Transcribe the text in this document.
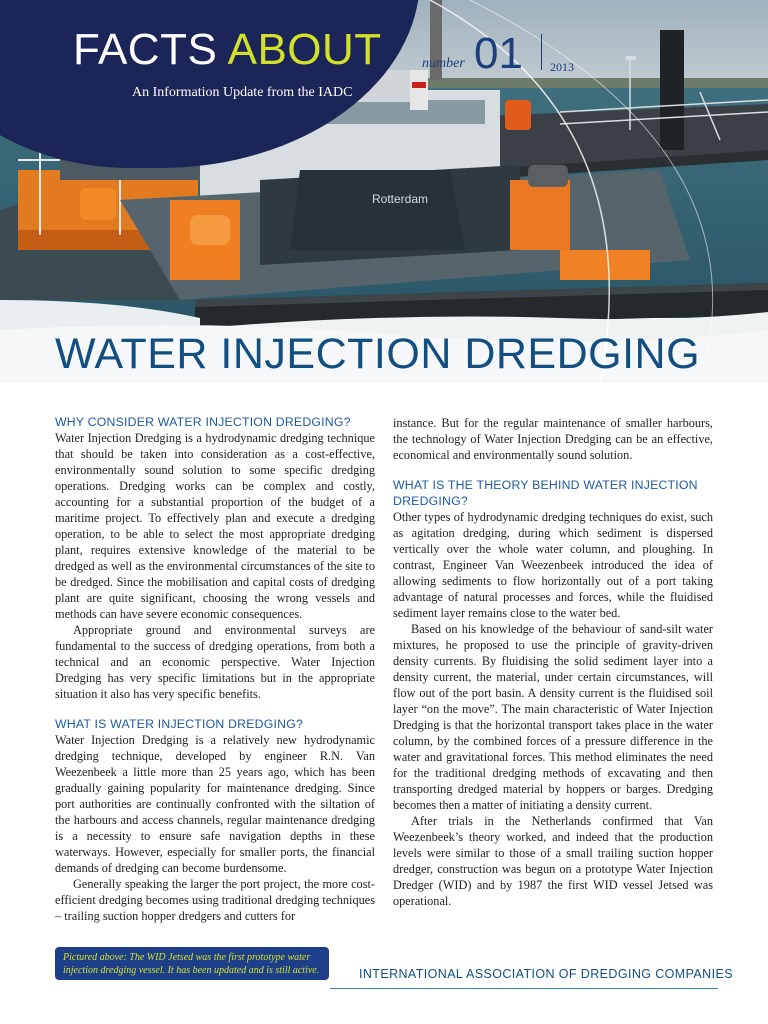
Rotterdam
FACTS ABOUT
An Information Update from the IADC
number 01 2013
WATER INJECTION DREDGING
WHY CONSIDER WATER INJECTION DREDGING?

Water Injection Dredging is a hydrodynamic dredging technique that should be taken into consideration as a cost-effective, environmentally sound solution to some specific dredging operations. Dredging works can be complex and costly, accounting for a substantial proportion of the budget of a maritime project. To effectively plan and execute a dredging operation, to be able to select the most appropriate dredging plant, requires extensive knowledge of the material to be dredged as well as the environmental circumstances of the site to be dredged. Since the mobilisation and capital costs of dredging plant are quite significant, choosing the wrong vessels and methods can have severe economic consequences.

Appropriate ground and environmental surveys are fundamental to the success of dredging operations, from both a technical and an economic perspective. Water Injection Dredging has very specific limitations but in the appropriate situation it also has very specific benefits.

WHAT IS WATER INJECTION DREDGING?

Water Injection Dredging is a relatively new hydrodynamic dredging technique, developed by engineer R.N. Van Weezenbeek a little more than 25 years ago, which has been gradually gaining popularity for maintenance dredging. Since port authorities are continually confronted with the siltation of the harbours and access channels, regular maintenance dredging is a necessity to ensure safe navigation depths in these waterways. However, especially for smaller ports, the financial demands of dredging can become burdensome.

Generally speaking the larger the port project, the more cost-efficient dredging becomes using traditional dredging techniques – trailing suction hopper dredgers and cutters for

instance. But for the regular maintenance of smaller harbours, the technology of Water Injection Dredging can be an effective, economical and environmentally sound solution.

WHAT IS THE THEORY BEHIND WATER INJECTION DREDGING?

Other types of hydrodynamic dredging techniques do exist, such as agitation dredging, during which sediment is dispersed vertically over the whole water column, and ploughing. In contrast, Engineer Van Weezenbeek introduced the idea of allowing sediments to flow horizontally out of a port taking advantage of natural processes and forces, while the fluidised sediment layer remains close to the water bed.

Based on his knowledge of the behaviour of sand-silt water mixtures, he proposed to use the principle of gravity-driven density currents. By fluidising the solid sediment layer into a density current, the material, under certain circumstances, will flow out of the port basin. A density current is the fluidised soil layer “on the move”. The main characteristic of Water Injection Dredging is that the horizontal transport takes place in the water column, by the combined forces of a pressure difference in the water and gravitational forces. This method eliminates the need for the traditional dredging methods of excavating and then transporting dredged material by hoppers or barges. Dredging becomes then a matter of initiating a density current.

After trials in the Netherlands confirmed that Van Weezenbeek’s theory worked, and indeed that the production levels were similar to those of a small trailing suction hopper dredger, construction was begun on a prototype Water Injection Dredger (WID) and by 1987 the first WID vessel Jetsed was operational.

Pictured above: The WID Jetsed was the first prototype water injection dredging vessel. It has been updated and is still active.	INTERNATIONAL ASSOCIATION OF DREDGING COMPANIES
